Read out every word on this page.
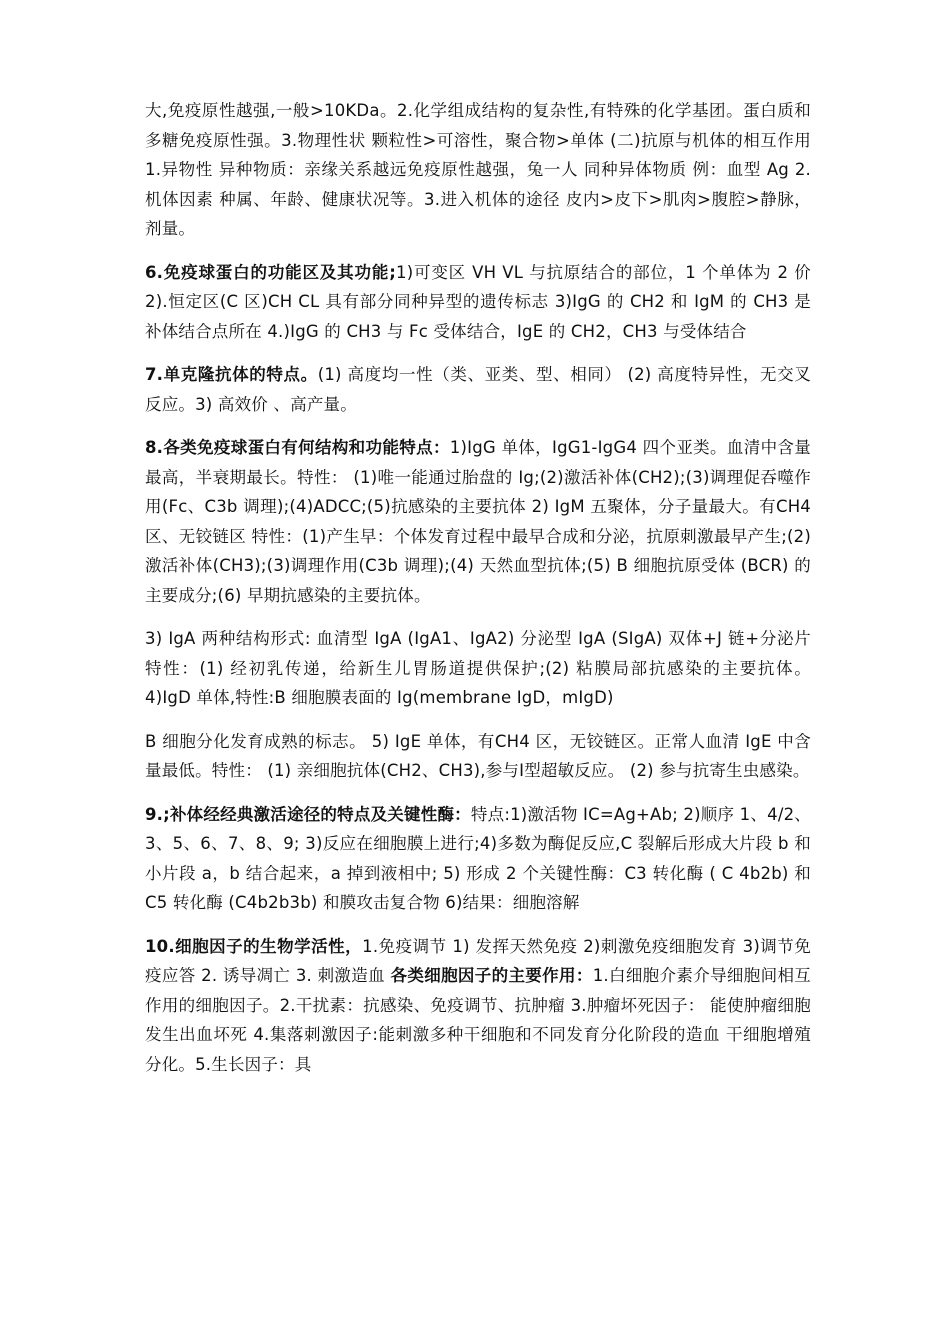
大,免疫原性越强,一般>10KDa。2.化学组成结构的复杂性,有特殊的化学基团。蛋白质和多糖免疫原性强。3.物理性状 颗粒性>可溶性，聚合物>单体 (二)抗原与机体的相互作用 1.异物性 异种物质：亲缘关系越远免疫原性越强，兔一人 同种异体物质 例：血型 Ag 2.机体因素 种属、年龄、健康状况等。3.进入机体的途径 皮内>皮下>肌肉>腹腔>静脉，剂量。

6.免疫球蛋白的功能区及其功能;1)可变区 VH VL 与抗原结合的部位，1 个单体为 2 价 2).恒定区(C 区)CH CL 具有部分同种异型的遗传标志 3)IgG 的 CH2 和 IgM 的 CH3 是补体结合点所在 4.)IgG 的 CH3 与 Fc 受体结合，IgE 的 CH2，CH3 与受体结合

7.单克隆抗体的特点。(1) 高度均一性（类、亚类、型、相同） (2) 高度特异性，无交叉反应。3) 高效价 、高产量。

8.各类免疫球蛋白有何结构和功能特点：1)IgG 单体，IgG1-IgG4 四个亚类。血清中含量最高，半衰期最长。特性： (1)唯一能通过胎盘的 Ig;(2)激活补体(CH2);(3)调理促吞噬作用(Fc、C3b 调理);(4)ADCC;(5)抗感染的主要抗体 2) IgM 五聚体，分子量最大。有CH4 区、无铰链区 特性：(1)产生早：个体发育过程中最早合成和分泌，抗原刺激最早产生;(2)激活补体(CH3);(3)调理作用(C3b 调理);(4) 天然血型抗体;(5) B 细胞抗原受体 (BCR) 的主要成分;(6) 早期抗感染的主要抗体。

3) IgA 两种结构形式: 血清型 IgA (IgA1、IgA2) 分泌型 IgA (SIgA) 双体+J 链+分泌片 特性：(1) 经初乳传递，给新生儿胃肠道提供保护;(2) 粘膜局部抗感染的主要抗体。 4)IgD 单体,特性:B 细胞膜表面的 Ig(membrane IgD，mIgD)

B 细胞分化发育成熟的标志。 5) IgE 单体，有CH4 区，无铰链区。正常人血清 IgE 中含量最低。特性： (1) 亲细胞抗体(CH2、CH3),参与Ⅰ型超敏反应。 (2) 参与抗寄生虫感染。

9.;补体经经典激活途径的特点及关键性酶：特点:1)激活物 IC=Ag+Ab; 2)顺序 1、4/2、3、5、6、7、8、9; 3)反应在细胞膜上进行;4)多数为酶促反应,C 裂解后形成大片段 b 和小片段 a，b 结合起来，a 掉到液相中; 5) 形成 2 个关键性酶：C3 转化酶 ( C 4b2b) 和 C5 转化酶 (C4b2b3b) 和膜攻击复合物 6)结果：细胞溶解

10.细胞因子的生物学活性，1.免疫调节 1) 发挥天然免疫 2)刺激免疫细胞发育 3)调节免疫应答 2. 诱导凋亡 3. 刺激造血 各类细胞因子的主要作用：1.白细胞介素介导细胞间相互作用的细胞因子。2.干扰素：抗感染、免疫调节、抗肿瘤 3.肿瘤坏死因子： 能使肿瘤细胞发生出血坏死 4.集落刺激因子:能刺激多种干细胞和不同发育分化阶段的造血 干细胞增殖分化。5.生长因子：具
